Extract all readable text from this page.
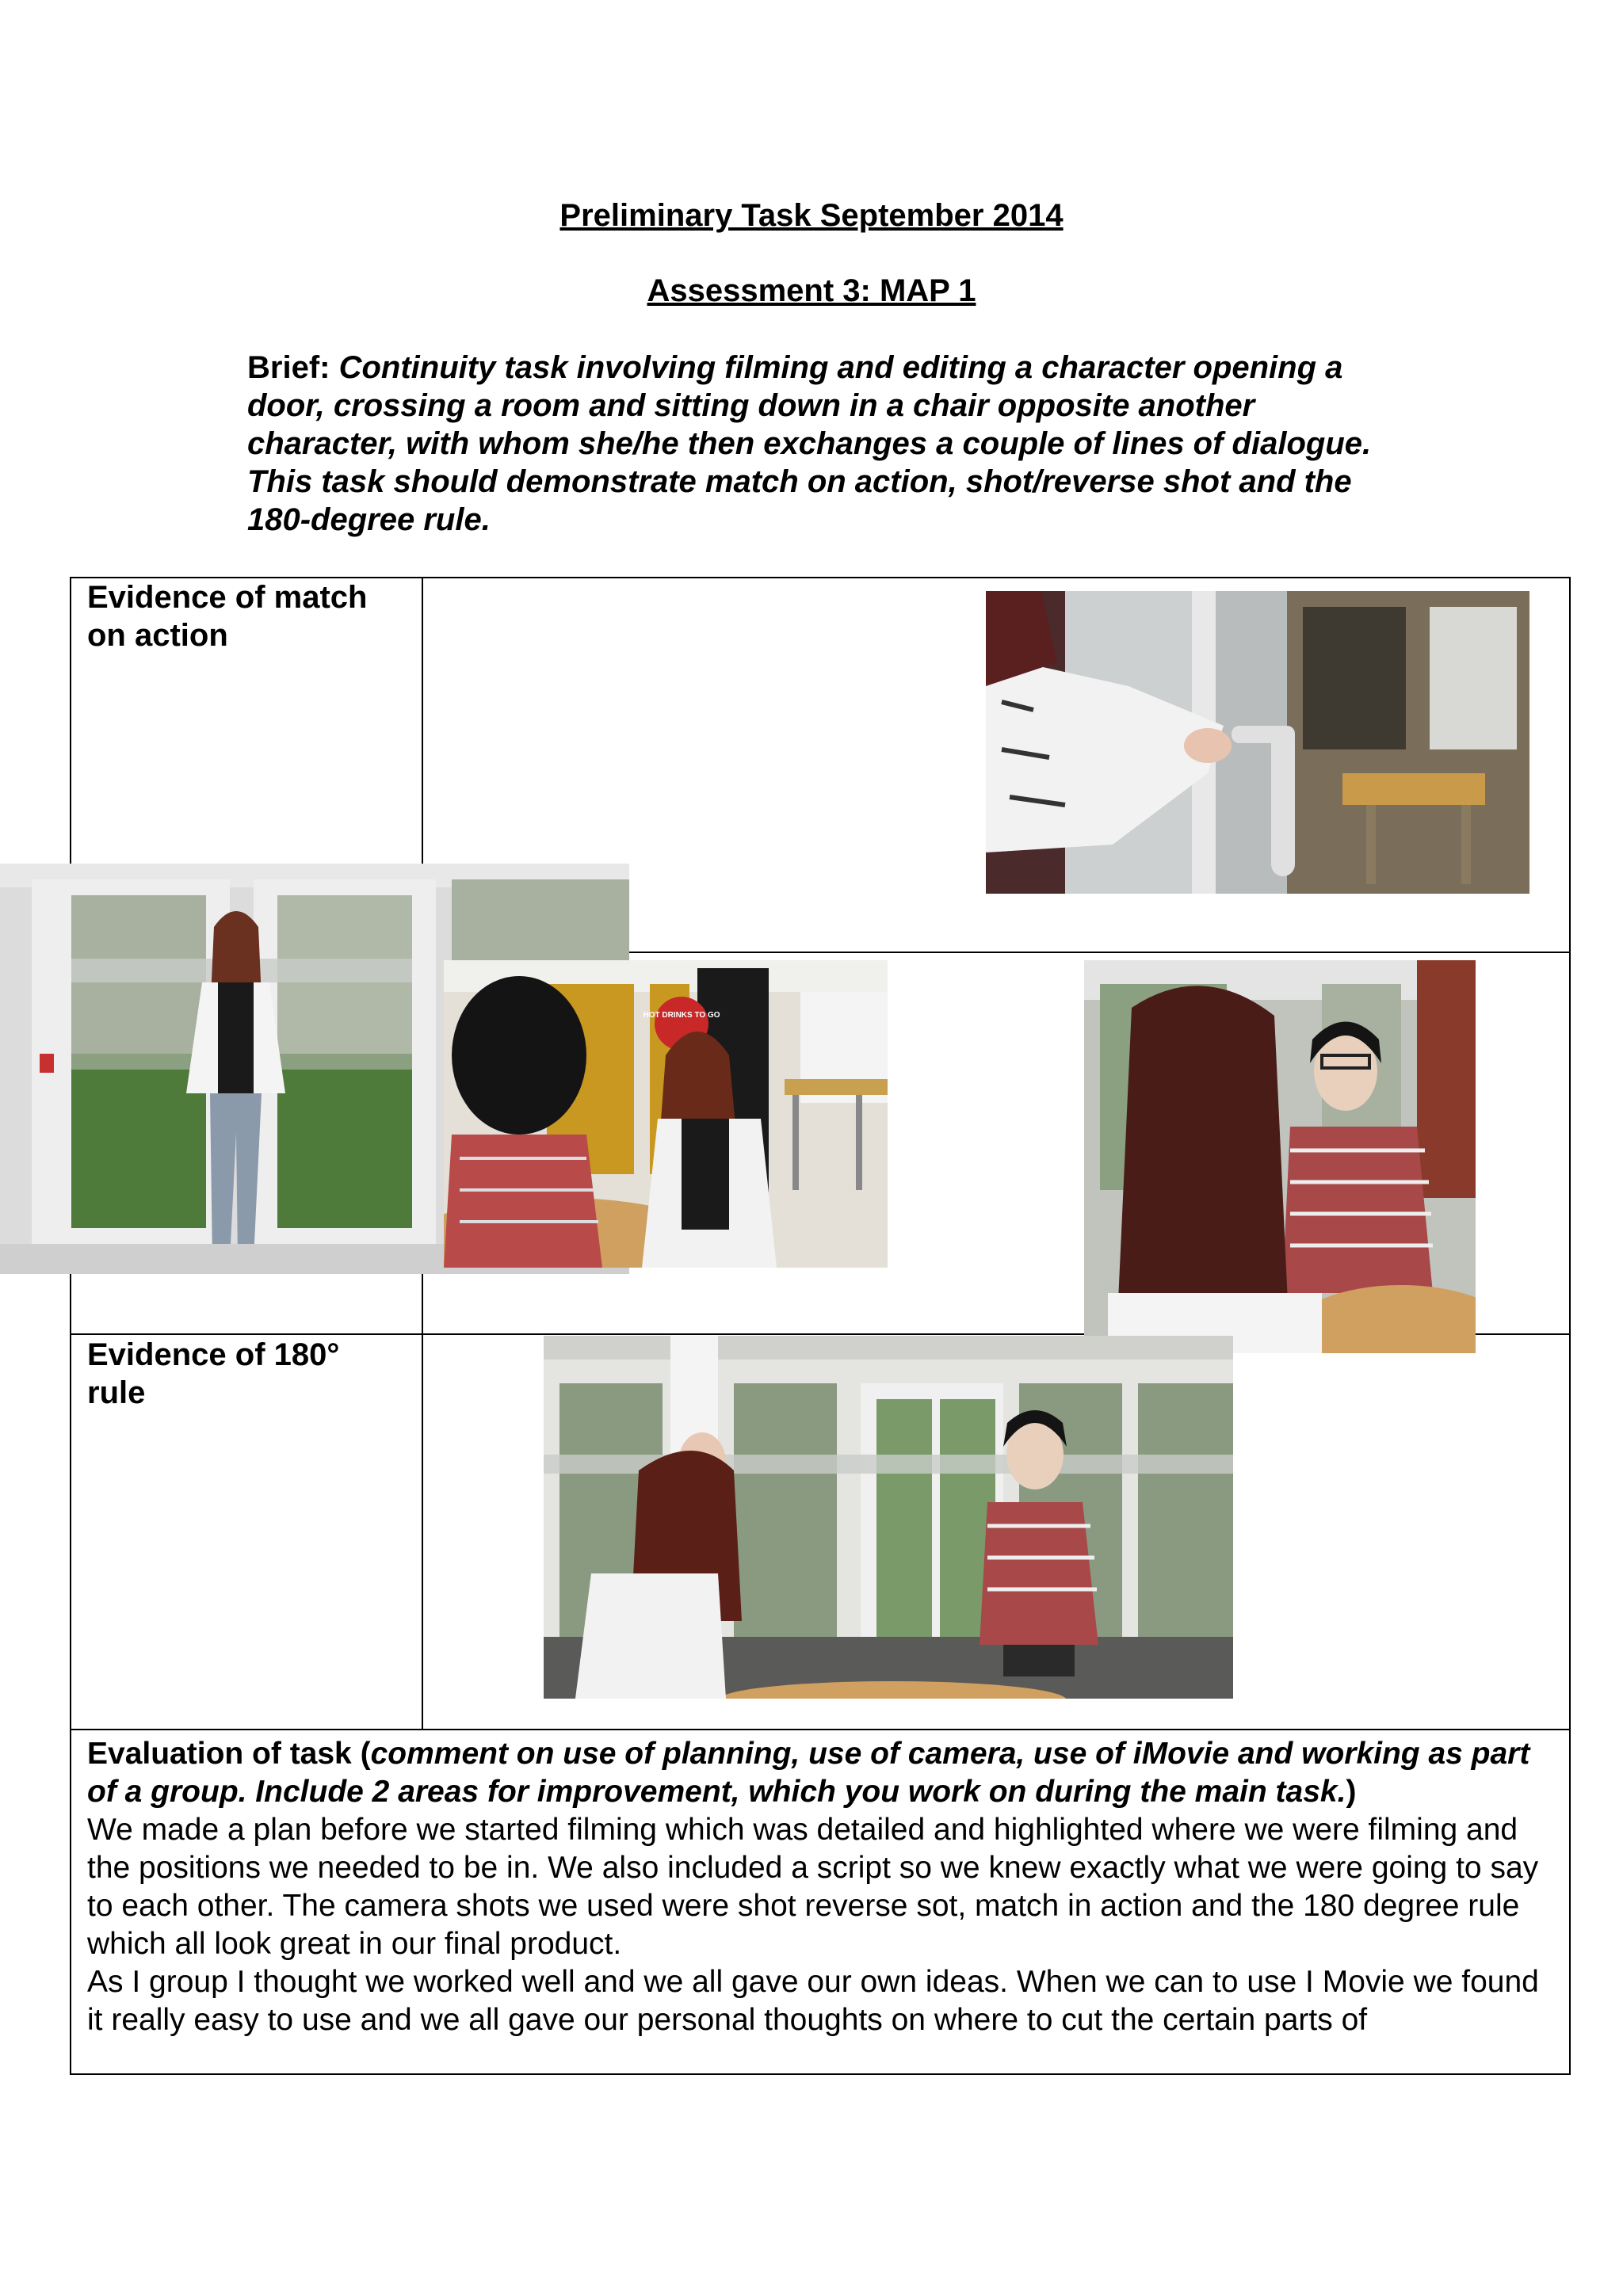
Preliminary Task September 2014
Assessment 3: MAP 1
Brief: Continuity task involving filming and editing a character opening a door, crossing a room and sitting down in a chair opposite another character, with whom she/he then exchanges a couple of lines of dialogue. This task should demonstrate match on action, shot/reverse shot and the 180-degree rule.
Evidence of match on action
Evidence of 180° rule
HOT DRINKS TO GO
Evaluation of task (comment on use of planning, use of camera, use of iMovie and working as part of a group. Include 2 areas for improvement, which you work on during the main task.)
We made a plan before we started filming which was detailed and highlighted where we were filming and the positions we needed to be in. We also included a script so we knew exactly what we were going to say to each other. The camera shots we used were shot reverse sot, match in action and the 180 degree rule which all look great in our final product.
As I group I thought we worked well and we all gave our own ideas. When we can to use I Movie we found it really easy to use and we all gave our personal thoughts on where to cut the certain parts of
